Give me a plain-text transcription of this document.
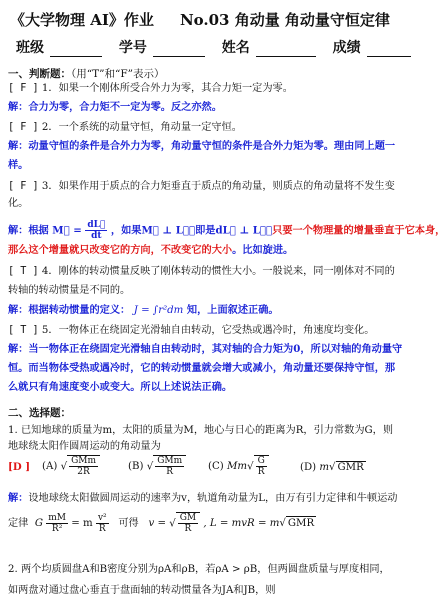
《大学物理 AI》作业 No.03 角动量 角动量守恒定律
班级	学号	姓名	成绩
一、判断题：（用“T”和“F”表示）
[ F ] 1．如果一个刚体所受合外力为零，其合力矩一定为零。
解：合力为零，合力矩不一定为零。反之亦然。
[ F ] 2．一个系统的动量守恒，角动量一定守恒。
解：动量守恒的条件是合外力为零，角动量守恒的条件是合外力矩为零。理由同上题一
样。
[ F ] 3．如果作用于质点的合力矩垂直于质点的角动量，则质点的角动量将不发生变
化。
解：根据 M⃗ = $\frac{dL⃗}{dt}$ ，如果M⃗ ⊥ L⃗，即是dL⃗ ⊥ L⃗，只要一个物理量的增量垂直于它本身，
那么这个增量就只改变它的方向，不改变它的大小。比如旋进。
[ T ] 4．刚体的转动惯量反映了刚体转动的惯性大小。一般说来，同一刚体对不同的
转轴的转动惯量是不同的。
解：根据转动惯量的定义： J = ∫r²dm 知，上面叙述正确。
[ T ] 5．一物体正在绕固定光滑轴自由转动，它受热或遇冷时，角速度均变化。
解：当一物体正在绕固定光滑轴自由转动时，其对轴的合力矩为0，所以对轴的角动量守
恒。而当物体受热或遇冷时，它的转动惯量就会增大或减小，角动量还要保持守恒，那
么就只有角速度变小或变大。所以上述说法正确。
二、选择题：
1. 已知地球的质量为m，太阳的质量为M，地心与日心的距离为R，引力常数为G，则
地球绕太阳作圆周运动的角动量为
[D ] (A) √ $\frac{\text{GMm}}{2R}$	(B) √ $\frac{\text{GMm}}{R} (C)$ $Mm√ \frac{G}{R}$	(D) m√ GMR
解：设地球绕太阳做圆周运动的速率为v，轨道角动量为L，由万有引力定律和牛顿运动
定律 G $\frac{mM}{\text{R²}} = m \frac{\text{v²}}{R}$ 可得 v = √ $\frac{GM}{R}$ , L = mvR = m√ GMR
2. 两个均质圆盘A和B密度分别为ρA和ρB，若ρA > ρB，但两圆盘质量与厚度相同，
如两盘对通过盘心垂直于盘面轴的转动惯量各为JA和JB，则
